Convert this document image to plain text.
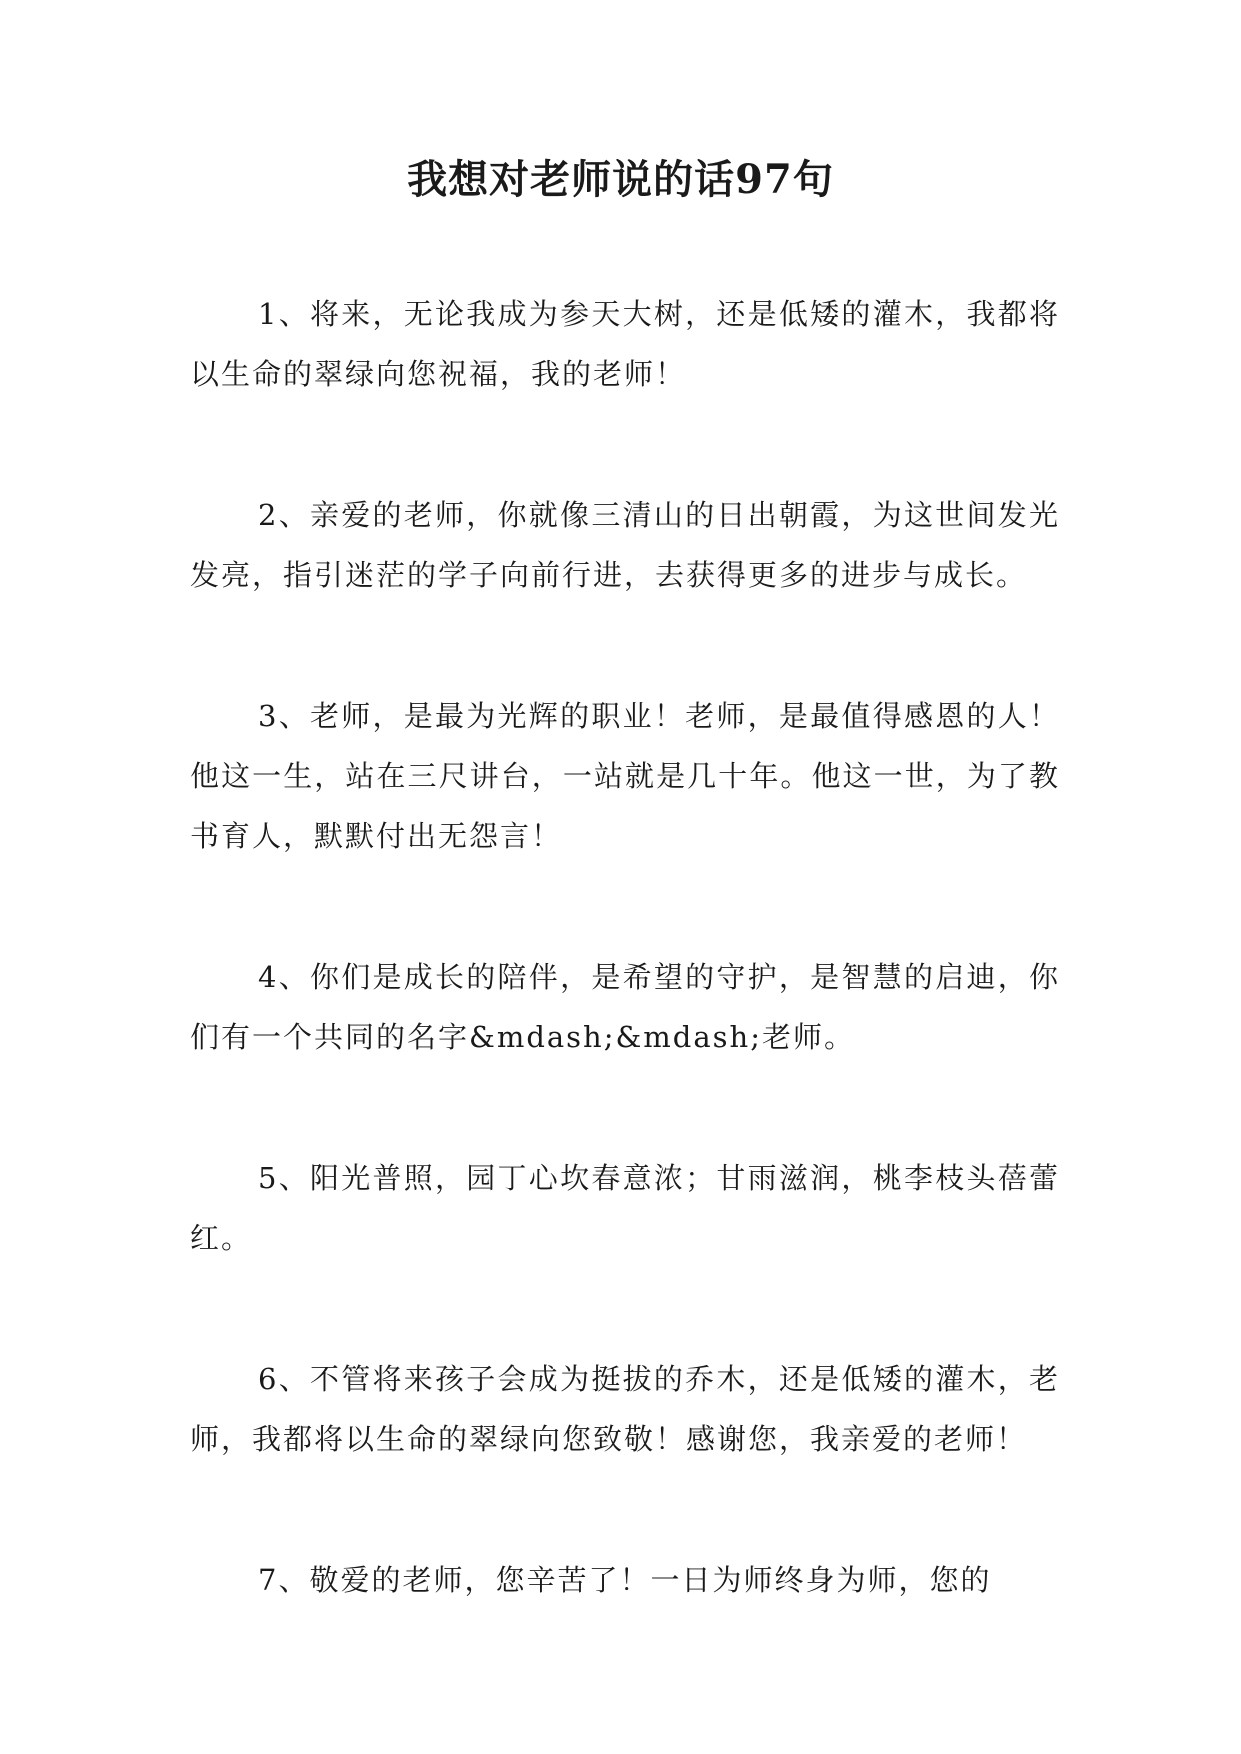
我想对老师说的话97句

1、将来，无论我成为参天大树，还是低矮的灌木，我都将以生命的翠绿向您祝福，我的老师！

2、亲爱的老师，你就像三清山的日出朝霞，为这世间发光发亮，指引迷茫的学子向前行进，去获得更多的进步与成长。

3、老师，是最为光辉的职业！老师，是最值得感恩的人！他这一生，站在三尺讲台，一站就是几十年。他这一世，为了教书育人，默默付出无怨言！

4、你们是成长的陪伴，是希望的守护，是智慧的启迪，你们有一个共同的名字&mdash;&mdash;老师。

5、阳光普照，园丁心坎春意浓；甘雨滋润，桃李枝头蓓蕾红。

6、不管将来孩子会成为挺拔的乔木，还是低矮的灌木，老师，我都将以生命的翠绿向您致敬！感谢您，我亲爱的老师！

7、敬爱的老师，您辛苦了！一日为师终身为师，您的
